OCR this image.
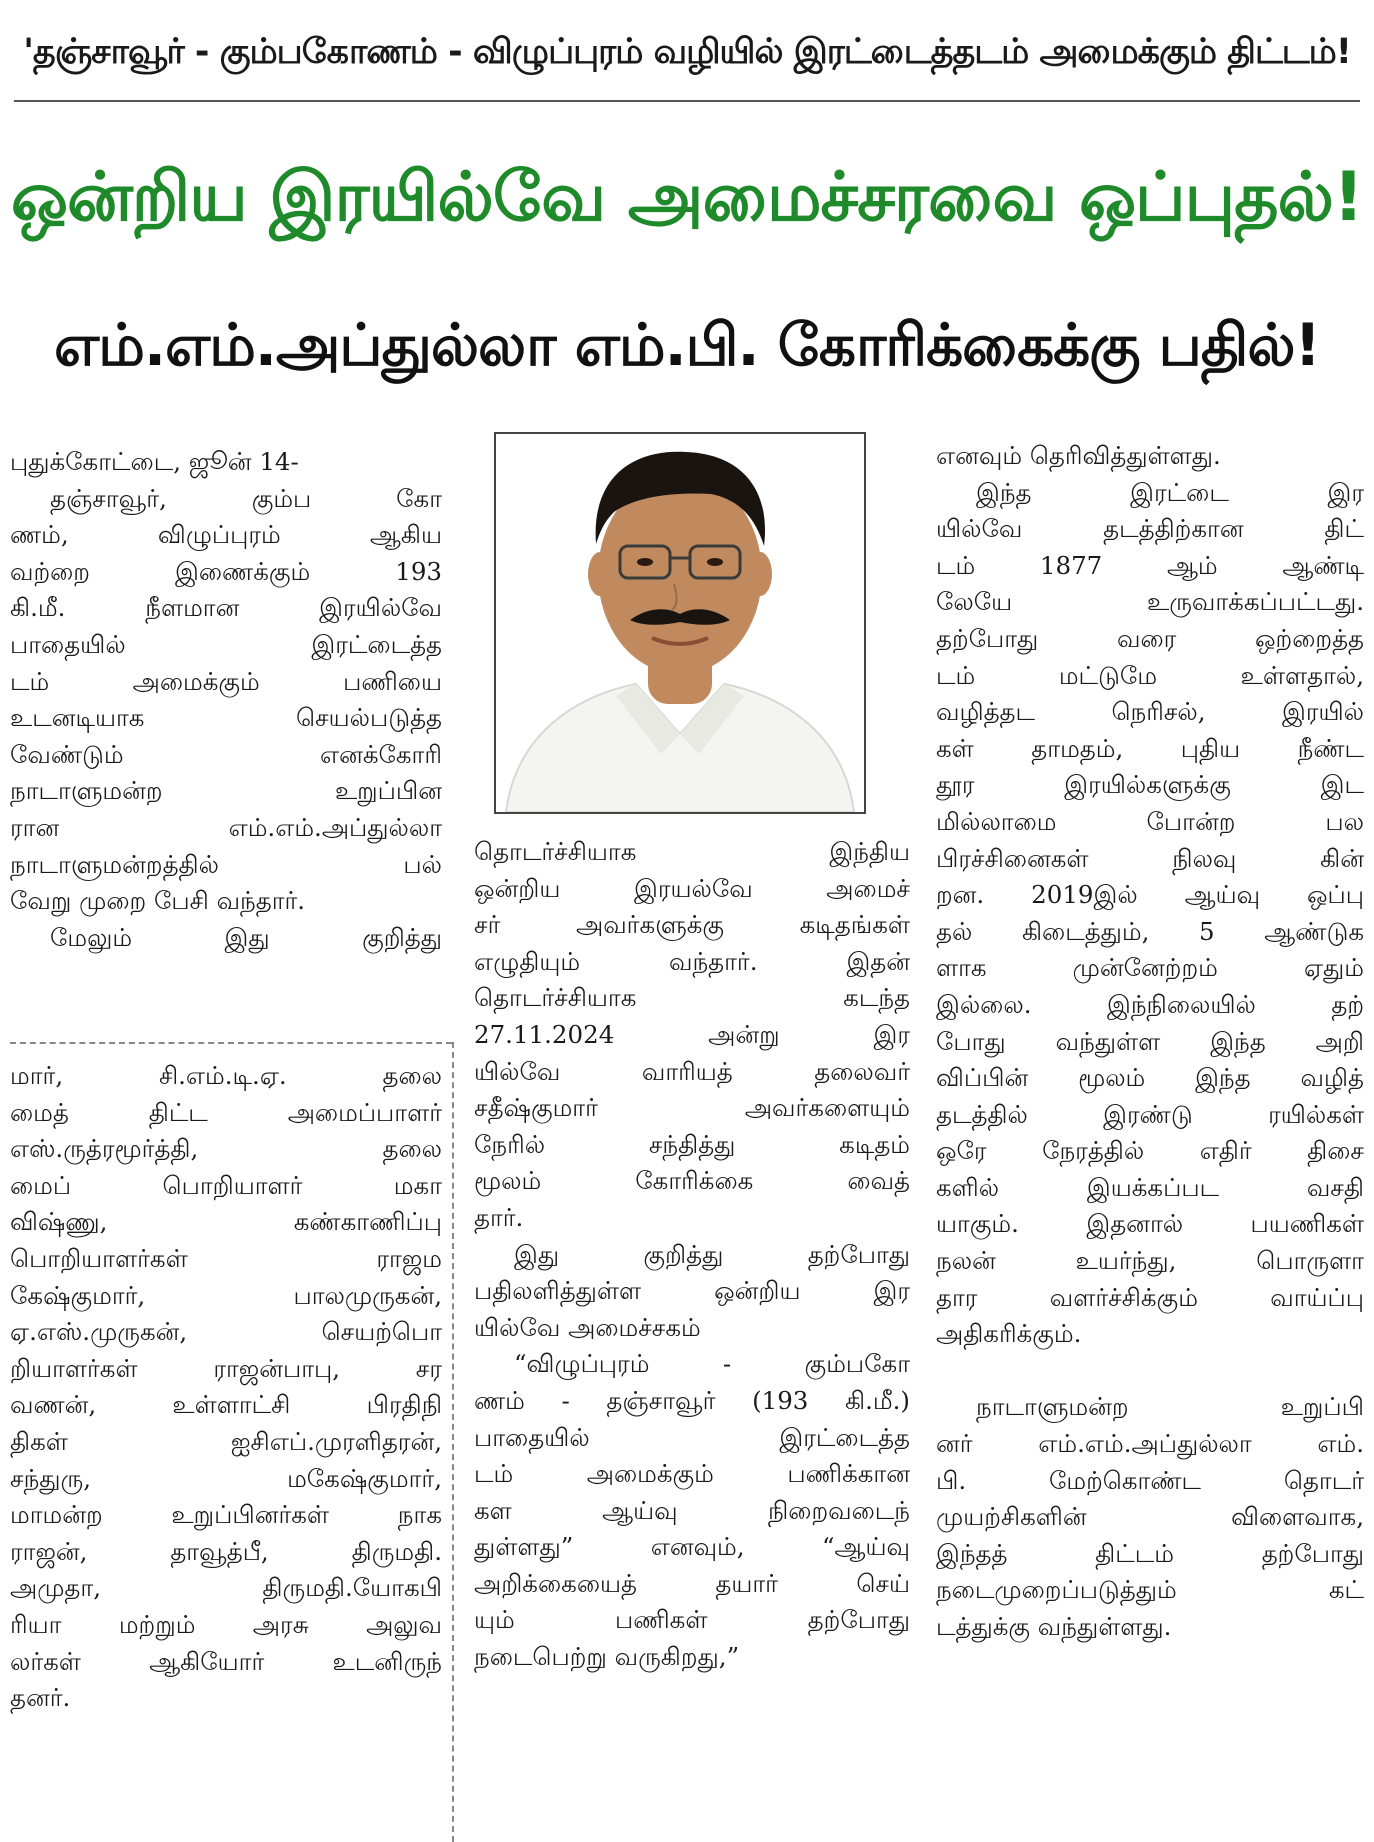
'தஞ்சாவூர் - கும்பகோணம் - விழுப்புரம் வழியில் இரட்டைத்தடம் அமைக்கும் திட்டம்!
ஒன்றிய இரயில்வே அமைச்சரவை ஒப்புதல்!
எம்.எம்.அப்துல்லா எம்.பி. கோரிக்கைக்கு பதில்!
புதுக்கோட்டை, ஜூன் 14-
தஞ்சாவூர், கும்ப கோ
ணம், விழுப்புரம் ஆகிய
வற்றை இணைக்கும் 193
கி.மீ. நீளமான இரயில்வே
பாதையில் இரட்டைத்த
டம் அமைக்கும் பணியை
உடனடியாக செயல்படுத்த
வேண்டும் எனக்கோரி
நாடாளுமன்ற உறுப்பின
ரான எம்.எம்.அப்துல்லா
நாடாளுமன்றத்தில் பல்
வேறு முறை பேசி வந்தார்.
மேலும் இது குறித்து
மார், சி.எம்.டி.ஏ. தலை
மைத் திட்ட அமைப்பாளர்
எஸ்.ருத்ரமூர்த்தி, தலை
மைப் பொறியாளர் மகா
விஷ்ணு, கண்காணிப்பு
பொறியாளர்கள் ராஜம
கேஷ்குமார், பாலமுருகன்,
ஏ.எஸ்.முருகன், செயற்பொ
றியாளர்கள் ராஜன்பாபு, சர
வணன், உள்ளாட்சி பிரதிநி
திகள் ஐசிஎப்.முரளிதரன்,
சந்துரு, மகேஷ்குமார்,
மாமன்ற உறுப்பினர்கள் நாக
ராஜன், தாவூத்பீ, திருமதி.
அமுதா, திருமதி.யோகபி
ரியா மற்றும் அரசு அலுவ
லர்கள் ஆகியோர் உடனிருந்
தனர்.
தொடர்ச்சியாக இந்திய
ஒன்றிய இரயல்வே அமைச்
சர் அவர்களுக்கு கடிதங்கள்
எழுதியும் வந்தார். இதன்
தொடர்ச்சியாக கடந்த
27.11.2024 அன்று இர
யில்வே வாரியத் தலைவர்
சதீஷ்குமார் அவர்களையும்
நேரில் சந்தித்து கடிதம்
மூலம் கோரிக்கை வைத்
தார்.
இது குறித்து தற்போது
பதிலளித்துள்ள ஒன்றிய இர
யில்வே அமைச்சகம்
“விழுப்புரம் - கும்பகோ
ணம் - தஞ்சாவூர் (193 கி.மீ.)
பாதையில் இரட்டைத்த
டம் அமைக்கும் பணிக்கான
கள ஆய்வு நிறைவடைந்
துள்ளது” எனவும், “ஆய்வு
அறிக்கையைத் தயார் செய்
யும் பணிகள் தற்போது
நடைபெற்று வருகிறது,”
எனவும் தெரிவித்துள்ளது.
இந்த இரட்டை இர
யில்வே தடத்திற்கான திட்
டம் 1877 ஆம் ஆண்டி
லேயே உருவாக்கப்பட்டது.
தற்போது வரை ஒற்றைத்த
டம் மட்டுமே உள்ளதால்,
வழித்தட நெரிசல், இரயில்
கள் தாமதம், புதிய நீண்ட
தூர இரயில்களுக்கு இட
மில்லாமை போன்ற பல
பிரச்சினைகள் நிலவு கின்
றன. 2019இல் ஆய்வு ஒப்பு
தல் கிடைத்தும், 5 ஆண்டுக
ளாக முன்னேற்றம் ஏதும்
இல்லை. இந்நிலையில் தற்
போது வந்துள்ள இந்த அறி
விப்பின் மூலம் இந்த வழித்
தடத்தில் இரண்டு ரயில்கள்
ஒரே நேரத்தில் எதிர் திசை
களில் இயக்கப்பட வசதி
யாகும். இதனால் பயணிகள்
நலன் உயர்ந்து, பொருளா
தார வளர்ச்சிக்கும் வாய்ப்பு
அதிகரிக்கும்.
நாடாளுமன்ற உறுப்பி
னர் எம்.எம்.அப்துல்லா எம்.
பி. மேற்கொண்ட தொடர்
முயற்சிகளின் விளைவாக,
இந்தத் திட்டம் தற்போது
நடைமுறைப்படுத்தும் கட்
டத்துக்கு வந்துள்ளது.
